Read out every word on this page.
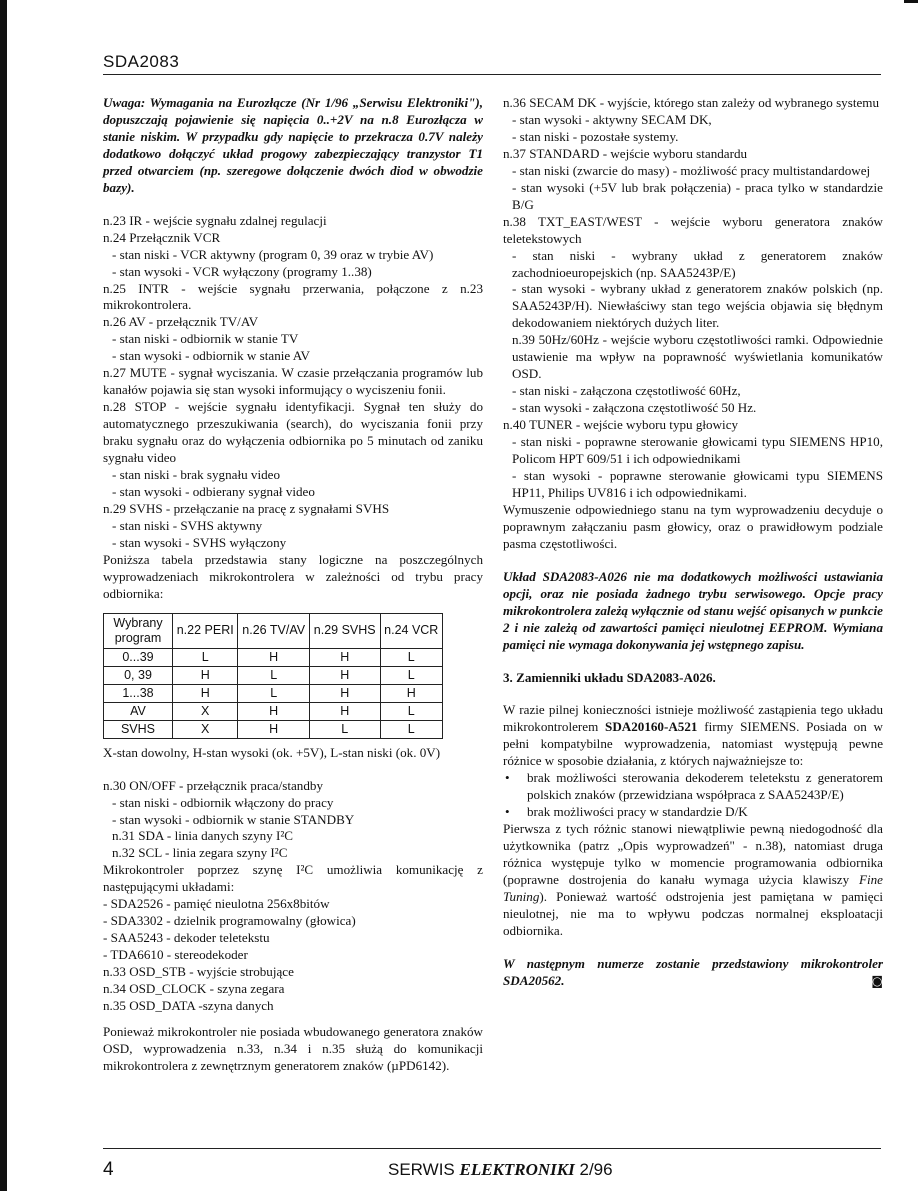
SDA2083

Uwaga: Wymagania na Eurozłącze (Nr 1/96 „Serwisu Elektroniki"), dopuszczają pojawienie się napięcia 0..+2V na n.8 Eurozłącza w stanie niskim. W przypadku gdy napięcie to przekracza 0.7V należy dodatkowo dołączyć układ progowy zabezpieczający tranzystor T1 przed otwarciem (np. szeregowe dołączenie dwóch diod w obwodzie bazy).

n.23 IR - wejście sygnału zdalnej regulacji
n.24 Przełącznik VCR
- stan niski - VCR aktywny (program 0, 39 oraz w trybie AV)
- stan wysoki - VCR wyłączony (programy 1..38)
n.25 INTR - wejście sygnału przerwania, połączone z n.23 mikrokontrolera.
n.26 AV - przełącznik TV/AV
- stan niski - odbiornik w stanie TV
- stan wysoki - odbiornik w stanie AV
n.27 MUTE - sygnał wyciszania. W czasie przełączania programów lub kanałów pojawia się stan wysoki informujący o wyciszeniu fonii.
n.28 STOP - wejście sygnału identyfikacji. Sygnał ten służy do automatycznego przeszukiwania (search), do wyciszania fonii przy braku sygnału oraz do wyłączenia odbiornika po 5 minutach od zaniku sygnału video
- stan niski - brak sygnału video
- stan wysoki - odbierany sygnał video
n.29 SVHS - przełączanie na pracę z sygnałami SVHS
- stan niski - SVHS aktywny
- stan wysoki - SVHS wyłączony
Poniższa tabela przedstawia stany logiczne na poszczególnych wyprowadzeniach mikrokontrolera w zależności od trybu pracy odbiornika:
Wybrany program	n.22 PERI	n.26 TV/AV	n.29 SVHS	n.24 VCR
0...39	L	H	H	L
0, 39	H	L	H	L
1...38	H	L	H	H
AV	X	H	H	L
SVHS	X	H	L	L
X-stan dowolny, H-stan wysoki (ok. +5V), L-stan niski (ok. 0V)
n.30 ON/OFF - przełącznik praca/standby
- stan niski - odbiornik włączony do pracy
- stan wysoki - odbiornik w stanie STANDBY
n.31 SDA - linia danych szyny I²C
n.32 SCL - linia zegara szyny I²C
Mikrokontroler poprzez szynę I²C umożliwia komunikację z następującymi układami:
- SDA2526 - pamięć nieulotna 256x8bitów
- SDA3302 - dzielnik programowalny (głowica)
- SAA5243 - dekoder teletekstu
- TDA6610 - stereodekoder
n.33 OSD_STB - wyjście strobujące
n.34 OSD_CLOCK - szyna zegara
n.35 OSD_DATA -szyna danych

Ponieważ mikrokontroler nie posiada wbudowanego generatora znaków OSD, wyprowadzenia n.33, n.34 i n.35 służą do komunikacji mikrokontrolera z zewnętrznym generatorem znaków (µPD6142).

n.36 SECAM DK - wyjście, którego stan zależy od wybranego systemu
- stan wysoki - aktywny SECAM DK,
- stan niski - pozostałe systemy.
n.37 STANDARD - wejście wyboru standardu
- stan niski (zwarcie do masy) - możliwość pracy multistandardowej
- stan wysoki (+5V lub brak połączenia) - praca tylko w standardzie B/G
n.38 TXT_EAST/WEST - wejście wyboru generatora znaków teletekstowych
- stan niski - wybrany układ z generatorem znaków zachodnioeuropejskich (np. SAA5243P/E)
- stan wysoki - wybrany układ z generatorem znaków polskich (np. SAA5243P/H). Niewłaściwy stan tego wejścia objawia się błędnym dekodowaniem niektórych dużych liter.
n.39 50Hz/60Hz - wejście wyboru częstotliwości ramki. Odpowiednie ustawienie ma wpływ na poprawność wyświetlania komunikatów OSD.
- stan niski - załączona częstotliwość 60Hz,
- stan wysoki - załączona częstotliwość 50 Hz.
n.40 TUNER - wejście wyboru typu głowicy
- stan niski - poprawne sterowanie głowicami typu SIEMENS HP10, Policom HPT 609/51 i ich odpowiednikami
- stan wysoki - poprawne sterowanie głowicami typu SIEMENS HP11, Philips UV816 i ich odpowiednikami.
Wymuszenie odpowiedniego stanu na tym wyprowadzeniu decyduje o poprawnym załączaniu pasm głowicy, oraz o prawidłowym podziale pasma częstotliwości.

Układ SDA2083-A026 nie ma dodatkowych możliwości ustawiania opcji, oraz nie posiada żadnego trybu serwisowego. Opcje pracy mikrokontrolera zależą wyłącznie od stanu wejść opisanych w punkcie 2 i nie zależą od zawartości pamięci nieulotnej EEPROM. Wymiana pamięci nie wymaga dokonywania jej wstępnego zapisu.

3. Zamienniki układu SDA2083-A026.

W razie pilnej konieczności istnieje możliwość zastąpienia tego układu mikrokontrolerem SDA20160-A521 firmy SIEMENS. Posiada on w pełni kompatybilne wyprowadzenia, natomiast występują pewne różnice w sposobie działania, z których najważniejsze to:

• brak możliwości sterowania dekoderem teletekstu z generatorem polskich znaków (przewidziana współpraca z SAA5243P/E)
• brak możliwości pracy w standardzie D/K

Pierwsza z tych różnic stanowi niewątpliwie pewną niedogodność dla użytkownika (patrz „Opis wyprowadzeń" - n.38), natomiast druga różnica występuje tylko w momencie programowania odbiornika (poprawne dostrojenia do kanału wymaga użycia klawiszy Fine Tuning). Ponieważ wartość odstrojenia jest pamiętana w pamięci nieulotnej, nie ma to wpływu podczas normalnej eksploatacji odbiornika.

W następnym numerze zostanie przedstawiony mikrokontroler SDA20562.	◙

4	SERWIS ELEKTRONIKI 2/96
